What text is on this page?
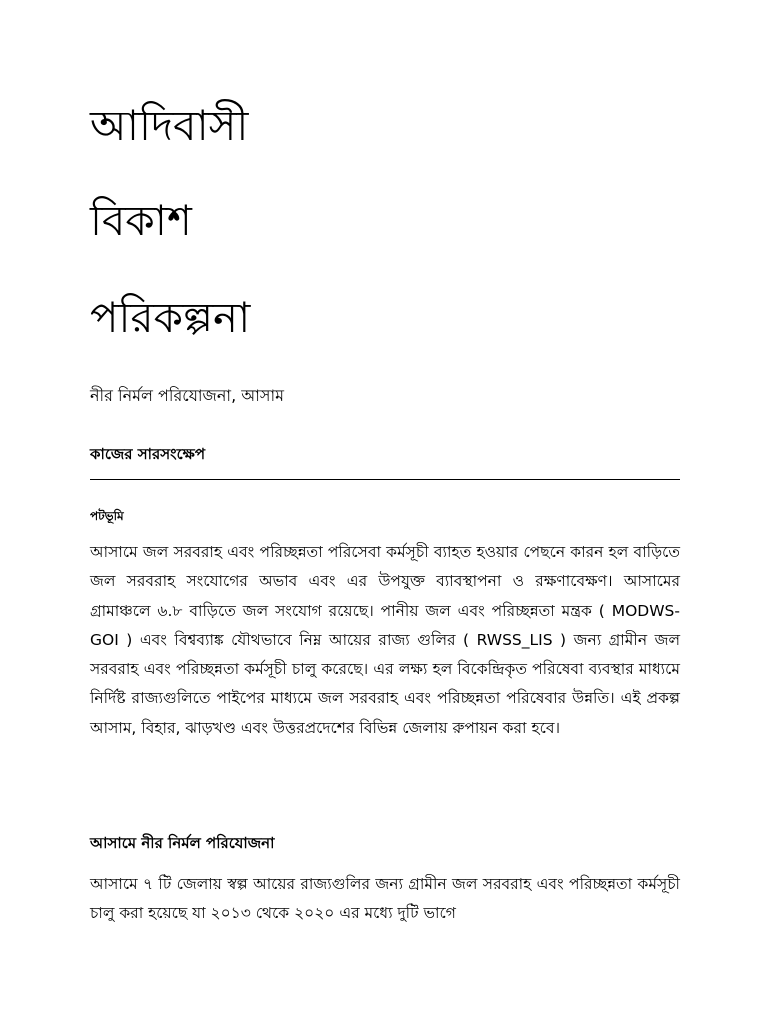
আদিবাসী
বিকাশ
পরিকল্পনা
নীর নির্মল পরিযোজনা, আসাম
কাজের সারসংক্ষেপ
পটভূমি

আসামে জল সরবরাহ এবং পরিচ্ছন্নতা পরিসেবা কর্মসূচী ব্যাহত হওয়ার পেছনে কারন হল বাড়িতে জল সরবরাহ সংযোগের অভাব এবং এর উপযুক্ত ব্যাবস্থাপনা ও রক্ষণাবেক্ষণ। আসামের গ্রামাঞ্চলে ৬.৮ বাড়িতে জল সংযোগ রয়েছে। পানীয় জল এবং পরিচ্ছন্নতা মন্ত্রক ( MODWS-GOI ) এবং বিশ্বব্যাঙ্ক যৌথভাবে নিম্ন আয়ের রাজ্য গুলির ( RWSS_LIS ) জন্য গ্রামীন জল সরবরাহ এবং পরিচ্ছন্নতা কর্মসূচী চালু করেছে। এর লক্ষ্য হল বিকেন্দ্রিকৃত পরিষেবা ব্যবস্থার মাধ্যমে নির্দিষ্ট রাজ্যগুলিতে পাইপের মাধ্যমে জল সরবরাহ এবং পরিচ্ছন্নতা পরিষেবার উন্নতি। এই প্রকল্প আসাম, বিহার, ঝাড়খণ্ড এবং উত্তরপ্রদেশের বিভিন্ন জেলায় রুপায়ন করা হবে।

আসামে নীর নির্মল পরিযোজনা

আসামে ৭ টি জেলায় স্বল্প আয়ের রাজ্যগুলির জন্য গ্রামীন জল সরবরাহ এবং পরিচ্ছন্নতা কর্মসূচী চালু করা হয়েছে যা ২০১৩ থেকে ২০২০ এর মধ্যে দুটি ভাগে
